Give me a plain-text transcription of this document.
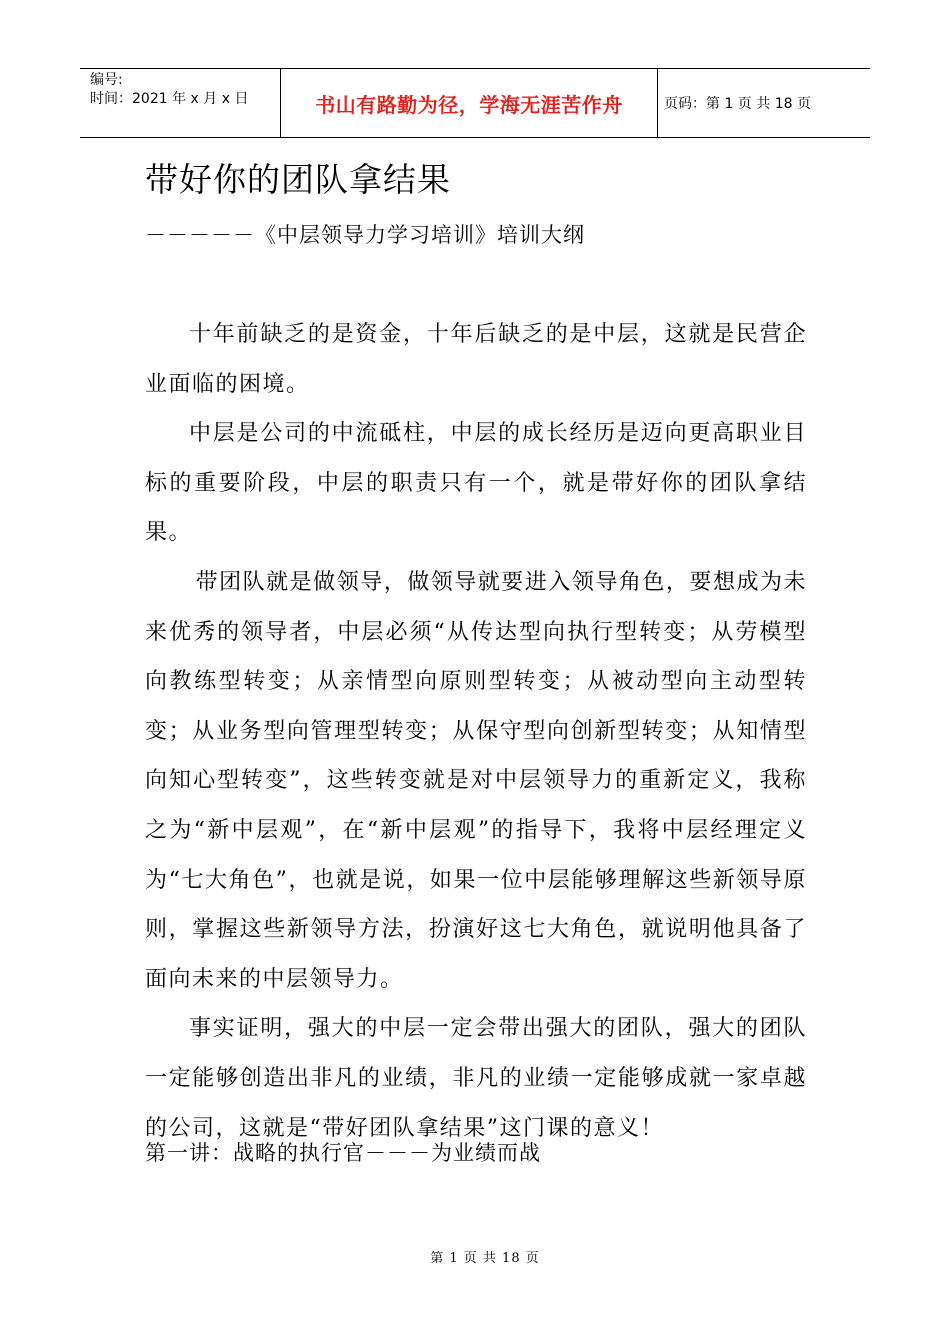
编号:
时间：2021 年 x 月 x 日	书山有路勤为径，学海无涯苦作舟	页码：第 1 页 共 18 页
带好你的团队拿结果
－－－－－《中层领导力学习培训》培训大纲

十年前缺乏的是资金，十年后缺乏的是中层，这就是民营企业面临的困境。

中层是公司的中流砥柱，中层的成长经历是迈向更高职业目标的重要阶段，中层的职责只有一个，就是带好你的团队拿结果。

带团队就是做领导，做领导就要进入领导角色，要想成为未来优秀的领导者，中层必须“从传达型向执行型转变；从劳模型向教练型转变；从亲情型向原则型转变；从被动型向主动型转变；从业务型向管理型转变；从保守型向创新型转变；从知情型向知心型转变”，这些转变就是对中层领导力的重新定义，我称之为“新中层观”，在“新中层观”的指导下，我将中层经理定义为“七大角色”，也就是说，如果一位中层能够理解这些新领导原则，掌握这些新领导方法，扮演好这七大角色，就说明他具备了面向未来的中层领导力。

事实证明，强大的中层一定会带出强大的团队，强大的团队一定能够创造出非凡的业绩，非凡的业绩一定能够成就一家卓越的公司，这就是“带好团队拿结果”这门课的意义！

第一讲：战略的执行官－－－为业绩而战
第 1 页 共 18 页
